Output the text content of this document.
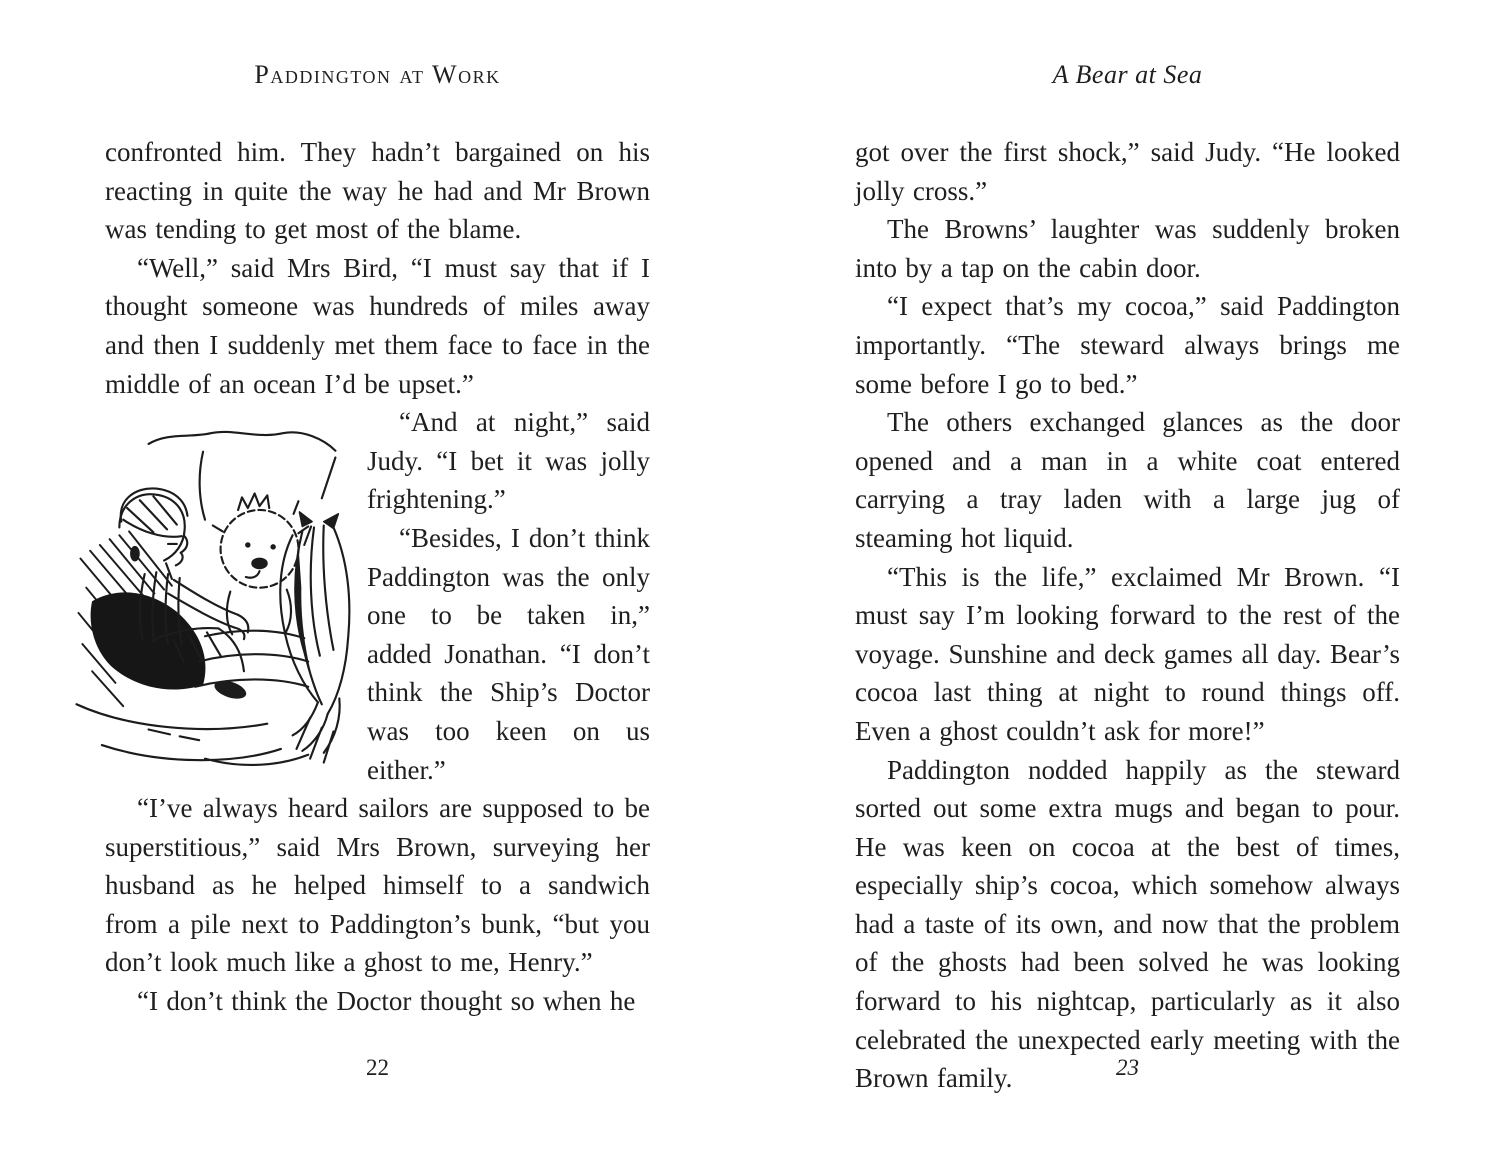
Paddington at Work

confronted him. They hadn’t bargained on his reacting in quite the way he had and Mr Brown was tending to get most of the blame.

“Well,” said Mrs Bird, “I must say that if I thought someone was hundreds of miles away and then I suddenly met them face to face in the middle of an ocean I’d be upset.”

“And at night,” said Judy. “I bet it was jolly frightening.”

“Besides, I don’t think Paddington was the only one to be taken in,” added Jonathan. “I don’t think the Ship’s Doctor was too keen on us either.”

“I’ve always heard sailors are supposed to be superstitious,” said Mrs Brown, surveying her husband as he helped himself to a sandwich from a pile next to Paddington’s bunk, “but you don’t look much like a ghost to me, Henry.”

“I don’t think the Doctor thought so when he

22
A Bear at Sea

got over the first shock,” said Judy. “He looked jolly cross.”

The Browns’ laughter was suddenly broken into by a tap on the cabin door.

“I expect that’s my cocoa,” said Paddington importantly. “The steward always brings me some before I go to bed.”

The others exchanged glances as the door opened and a man in a white coat entered carrying a tray laden with a large jug of steaming hot liquid.

“This is the life,” exclaimed Mr Brown. “I must say I’m looking forward to the rest of the voyage. Sunshine and deck games all day. Bear’s cocoa last thing at night to round things off. Even a ghost couldn’t ask for more!”

Paddington nodded happily as the steward sorted out some extra mugs and began to pour. He was keen on cocoa at the best of times, especially ship’s cocoa, which somehow always had a taste of its own, and now that the problem of the ghosts had been solved he was looking forward to his nightcap, particularly as it also celebrated the unexpected early meeting with the Brown family.	23
